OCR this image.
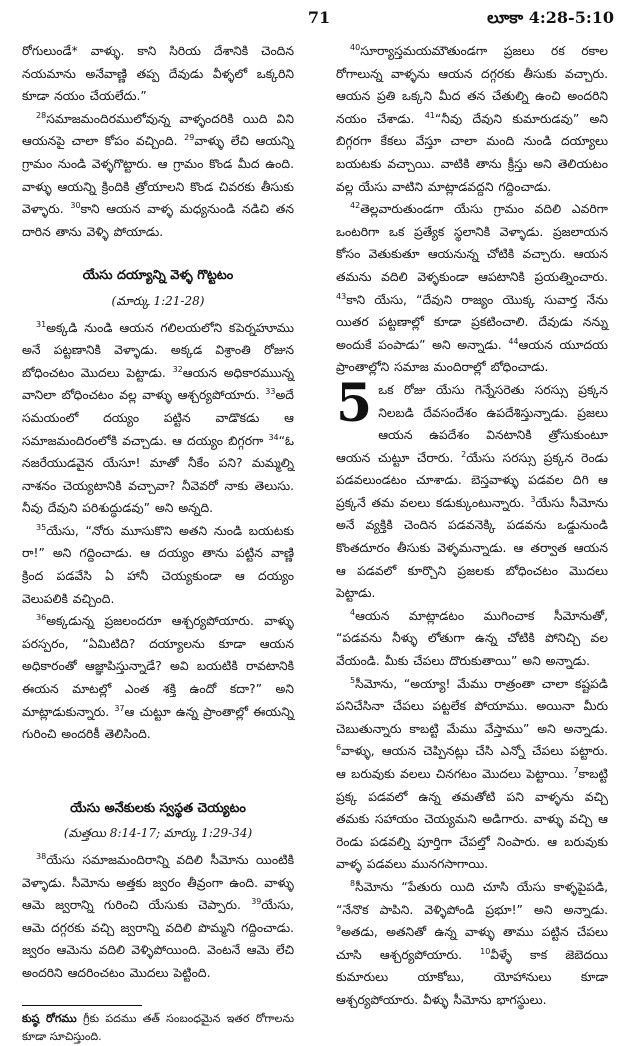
71	లూకా 4:28-5:10

రోగులుండే* వాళ్ళు. కాని సిరియ దేశానికి చెందిన నయమాను అనేవాణ్ణి తప్ప దేవుడు వీళ్ళలో ఒక్కరిని కూడా నయం చేయలేదు.”

$^{28}$సమాజమందిరములోవున్న వాళ్ళందరికి యిది విని ఆయనపై చాలా కోపం వచ్చింది. $^{29}$వాళ్ళు లేచి ఆయన్ని గ్రామం నుండి వెళ్ళగొట్టారు. ఆ గ్రామం కొండ మీద ఉంది. వాళ్ళు ఆయన్ని క్రిందికి త్రోయాలని కొండ చివరకు తీసుకు వెళ్ళారు. $^{30}$కాని ఆయన వాళ్ళ మధ్యనుండి నడిచి తన దారిన తాను వెళ్ళి పోయాడు.

యేసు దయ్యాన్ని వెళ్ళ గొట్టటం
(మార్కు 1:21-28)

$^{31}$అక్కడి నుండి ఆయన గలిలయలోని కపెర్నహూము అనే పట్టణానికి వెళ్ళాడు. అక్కడ విశ్రాంతి రోజున బోధించటం మొదలు పెట్టాడు. $^{32}$ఆయన అధికారముున్న వానిలా బోధించటం వల్ల వాళ్ళు ఆశ్చర్యపోయారు. $^{33}$అదే సమయంలో దయ్యం పట్టిన వాడొకడు ఆ సమాజమందిరంలోకి వచ్చాడు. ఆ దయ్యం బిగ్గరగా $^{34}$“ఓ నజరేయుడవైన యేసూ! మాతో నీకేం పని? మమ్మల్ని నాశనం చెయ్యటానికి వచ్చావా? నీవెవరో నాకు తెలుసు. నీవు దేవుని పరిశుద్ధుడవు” అని అన్నది.

$^{35}$యేసు, “నోరు మూసుకొని అతని నుండి బయటకు రా!” అని గద్దించాడు. ఆ దయ్యం తాను పట్టిన వాణ్ణి క్రింద పడవేసి ఏ హానీ చెయ్యకుండా ఆ దయ్యం వెలుపలికి వచ్చింది.

$^{36}$అక్కడున్న ప్రజలందరూ ఆశ్చర్యపోయారు. వాళ్ళు పరస్పరం, “ఏమిటిది? దయ్యాలను కూడా ఆయన అధికారంతో ఆజ్ఞాపిస్తున్నాడే? అవి బయటికి రావటానికి ఈయన మాటల్లో ఎంత శక్తి ఉందో కదా?” అని మాట్లాడుకున్నారు. $^{37}$ఆ చుట్టూ ఉన్న ప్రాంతాల్లో ఈయన్ని గురించి అందరికీ తెలిసింది.

యేసు అనేకులకు స్వస్థత చెయ్యటం
(మత్తయి 8:14-17; మార్కు 1:29-34)

$^{38}$యేసు సమాజమందిరాన్ని వదిలి సీమోను యింటికి వెళ్ళాడు. సీమోను అత్తకు జ్వరం తీవ్రంగా ఉంది. వాళ్ళు ఆమె జ్వరాన్ని గురించి యేసుకు చెప్పారు. $^{39}$యేసు, ఆమె దగ్గరకు వచ్చి జ్వరాన్ని వదిలి పొమ్మని గద్దించాడు. జ్వరం ఆమెను వదిలి వెళ్ళిపోయింది. వెంటనే ఆమె లేచి అందరిని ఆదరించటం మొదలు పెట్టింది.

కుష్ఠ రోగము గ్రీకు పదము తత్ సంబంధమైన ఇతర రోగాలను కూడా సూచిస్తుంది.

$^{40}$సూర్యాస్తమయమౌతుండగా ప్రజలు రక రకాల రోగాలున్న వాళ్ళను ఆయన దగ్గరకు తీసుకు వచ్చారు. ఆయన ప్రతి ఒక్కని మీద తన చేతుల్ని ఉంచి అందరిని నయం చేశాడు. $^{41}$“నీవు దేవుని కుమారుడవు” అని బిగ్గరగా కేకలు వేస్తూ చాలా మంది నుండి దయ్యాలు బయటకు వచ్చాయి. వాటికి తాను క్రీస్తు అని తెలియటం వల్ల యేసు వాటిని మాట్లాడవద్దని గద్దించాడు.

$^{42}$తెల్లవారుతుండగా యేసు గ్రామం వదిలి ఎవరిగా ఒంటరిగా ఒక ప్రత్యేక స్థలానికి వెళ్ళాడు. ప్రజలాయన కోసం వెతుకుతూ ఆయనున్న చోటికి వచ్చారు. ఆయన తమను వదిలి వెళ్ళకుండా ఆపటానికి ప్రయత్నించారు. $^{43}$కాని యేసు, “దేవుని రాజ్యం యొక్క సువార్త నేను యితర పట్టణాల్లో కూడా ప్రకటించాలి. దేవుడు నన్ను అందుకే పంపాడు” అని అన్నాడు. $^{44}$ఆయన యూదయ ప్రాంతాల్లోని సమాజ మందిరాల్లో బోధించాడు.

5 ఒక రోజు యేసు గెన్నేసరెతు సరస్సు ప్రక్కన నిలబడి దేవసందేశం ఉపదేశిస్తున్నాడు. ప్రజలు ఆయన ఉపదేశం వినటానికి త్రోసుకుంటూ ఆయన చుట్టూ చేరారు. $^2$యేసు సరస్సు ప్రక్కన రెండు పడవలుండటం చూశాడు. బెస్తవాళ్ళు పడవల దిగి ఆ ప్రక్కనే తమ వలలు కడుక్కుంటున్నారు. $^3$యేసు సీమోను అనే వ్యక్తికి చెందిన పడవనెక్కి పడవను ఒడ్డునుండి కొంతదూరం తీసుకు వెళ్ళమన్నాడు. ఆ తర్వాత ఆయన ఆ పడవలో కూర్చొని ప్రజలకు బోధించటం మొదలు పెట్టాడు.

$^4$ఆయన మాట్లాడటం ముగించాక సీమోనుతో, “పడవను నీళ్ళు లోతుగా ఉన్న చోటికి పోనిచ్చి వల వేయండి. మీకు చేపలు దొరుకుతాయి” అని అన్నాడు.

$^5$సీమోను, “అయ్యా! మేము రాత్రంతా చాలా కష్టపడి పనిచేసినా చేపలు పట్టలేక పోయాము. అయినా మీరు చెబుతున్నారు కాబట్టి మేము వేస్తాము” అని అన్నాడు. $^6$వాళ్ళు, ఆయన చెప్పినట్లు చేసి ఎన్నో చేపలు పట్టారు. ఆ బరువుకు వలలు చినగటం మొదలు పెట్టాయి. $^7$కాబట్టి ప్రక్క పడవలో ఉన్న తమతోటి పని వాళ్ళను వచ్చి తమకు సహాయం చెయ్యమని అడిగారు. వాళ్ళు వచ్చి ఆ రెండు పడవల్ని పూర్తిగా చేపల్తో నింపారు. ఆ బరువుకు వాళ్ళ పడవలు మునగసాగాయి.

$^8$సీమోను “పేతురు యిది చూసి యేసు కాళ్ళపైపడి, “నేనొక పాపిని. వెళ్ళిపోండి ప్రభూ!” అని అన్నాడు. $^9$అతడు, అతనితో ఉన్న వాళ్ళు తాము పట్టిన చేపలు చూసి ఆశ్చర్యపోయారు. $^{10}$వీళ్ళే కాక జెబెదయి కుమారులు యాకోబు, యోహానులు కూడా ఆశ్చర్యపోయారు. వీళ్ళు సీమోను భాగస్థులు.
